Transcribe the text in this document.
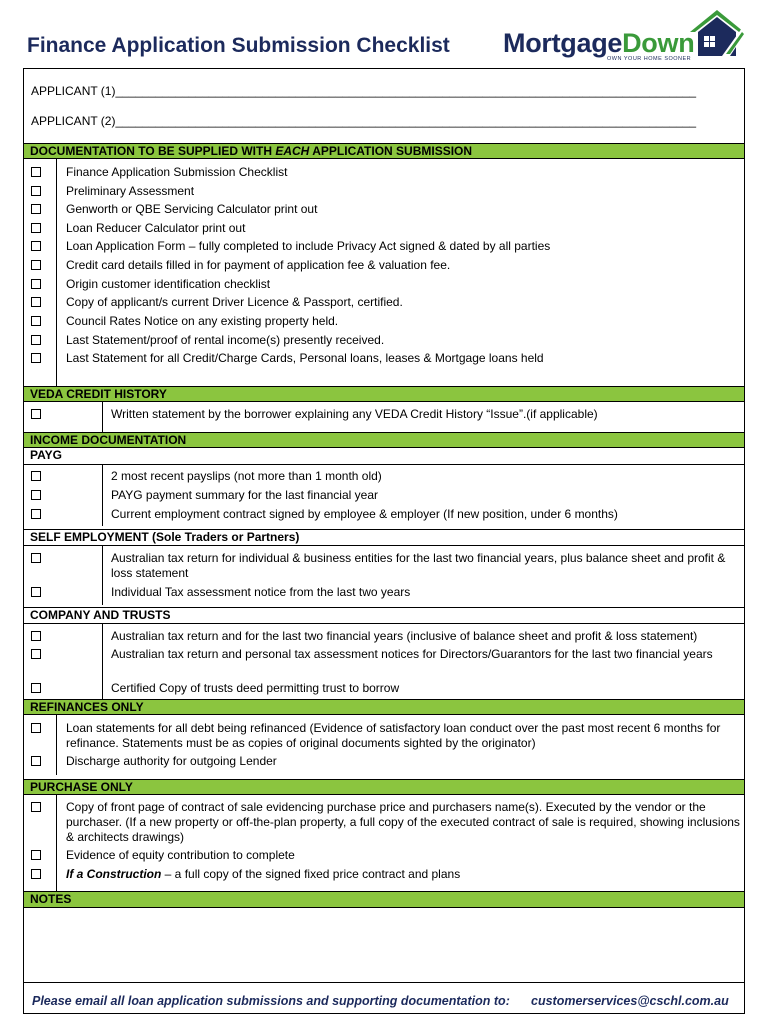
Finance Application Submission Checklist MortgageDown
OWN YOUR HOME SOONER
APPLICANT (1)_______________________________________________________________________________________
APPLICANT (2)_______________________________________________________________________________________
DOCUMENTATION TO BE SUPPLIED WITH EACH APPLICATION SUBMISSION
Finance Application Submission Checklist
Preliminary Assessment
Genworth or QBE Servicing Calculator print out
Loan Reducer Calculator print out
Loan Application Form – fully completed to include Privacy Act signed & dated by all parties
Credit card details filled in for payment of application fee & valuation fee.
Origin customer identification checklist
Copy of applicant/s current Driver Licence & Passport, certified.
Council Rates Notice on any existing property held.
Last Statement/proof of rental income(s) presently received.
Last Statement for all Credit/Charge Cards, Personal loans, leases & Mortgage loans held
VEDA CREDIT HISTORY
Written statement by the borrower explaining any VEDA Credit History “Issue”.(if applicable)
INCOME DOCUMENTATION
PAYG
2 most recent payslips (not more than 1 month old)
PAYG payment summary for the last financial year
Current employment contract signed by employee & employer (If new position, under 6 months)
SELF EMPLOYMENT (Sole Traders or Partners)
Australian tax return for individual & business entities for the last two financial years, plus balance sheet and profit & loss statement
Individual Tax assessment notice from the last two years
COMPANY AND TRUSTS
Australian tax return and for the last two financial years (inclusive of balance sheet and profit & loss statement)
Australian tax return and personal tax assessment notices for Directors/Guarantors for the last two financial years
Certified Copy of trusts deed permitting trust to borrow
REFINANCES ONLY
Loan statements for all debt being refinanced (Evidence of satisfactory loan conduct over the past most recent 6 months for refinance. Statements must be as copies of original documents sighted by the originator)
Discharge authority for outgoing Lender
PURCHASE ONLY
Copy of front page of contract of sale evidencing purchase price and purchasers name(s). Executed by the vendor or the purchaser. (If a new property or off-the-plan property, a full copy of the executed contract of sale is required, showing inclusions & architects drawings)
Evidence of equity contribution to complete
If a Construction – a full copy of the signed fixed price contract and plans
NOTES
Please email all loan application submissions and supporting documentation to: customerservices@cschl.com.au
